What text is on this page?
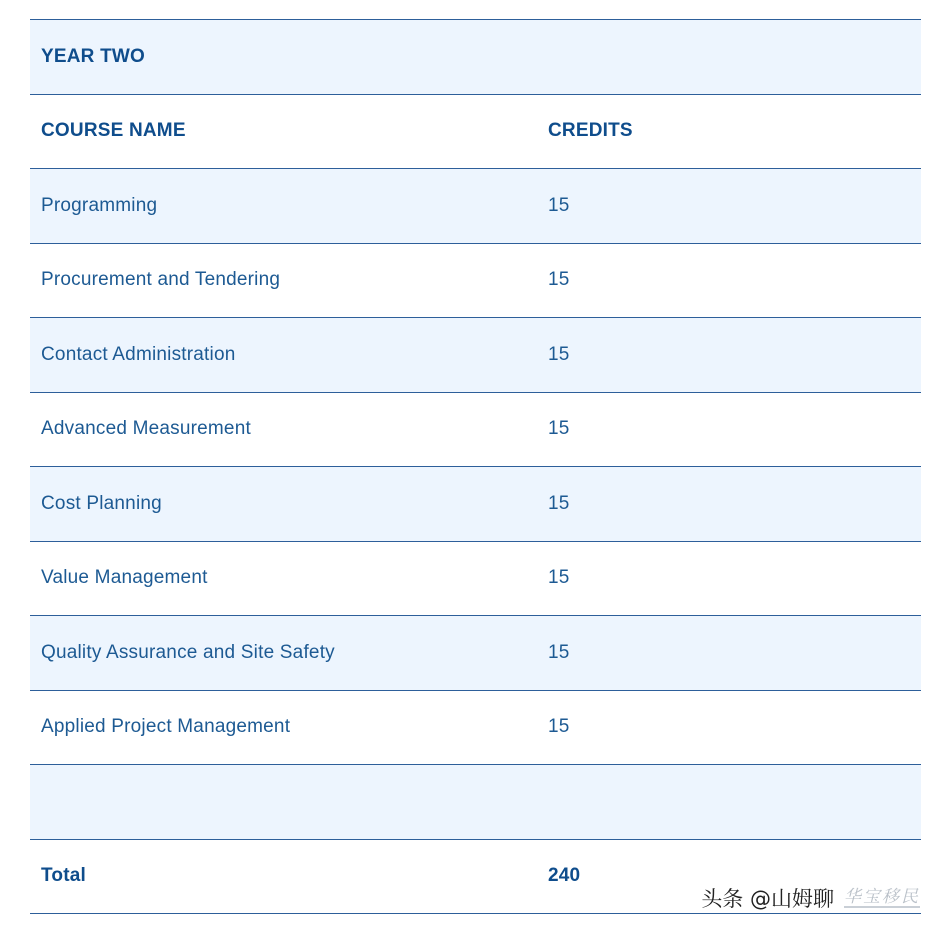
YEAR TWO
COURSE NAME	CREDITS
Programming	15
Procurement and Tendering	15
Contact Administration	15
Advanced Measurement	15
Cost Planning	15
Value Management	15
Quality Assurance and Site Safety	15
Applied Project Management	15
Total	240
头条 @山姆聊 华宝移民
